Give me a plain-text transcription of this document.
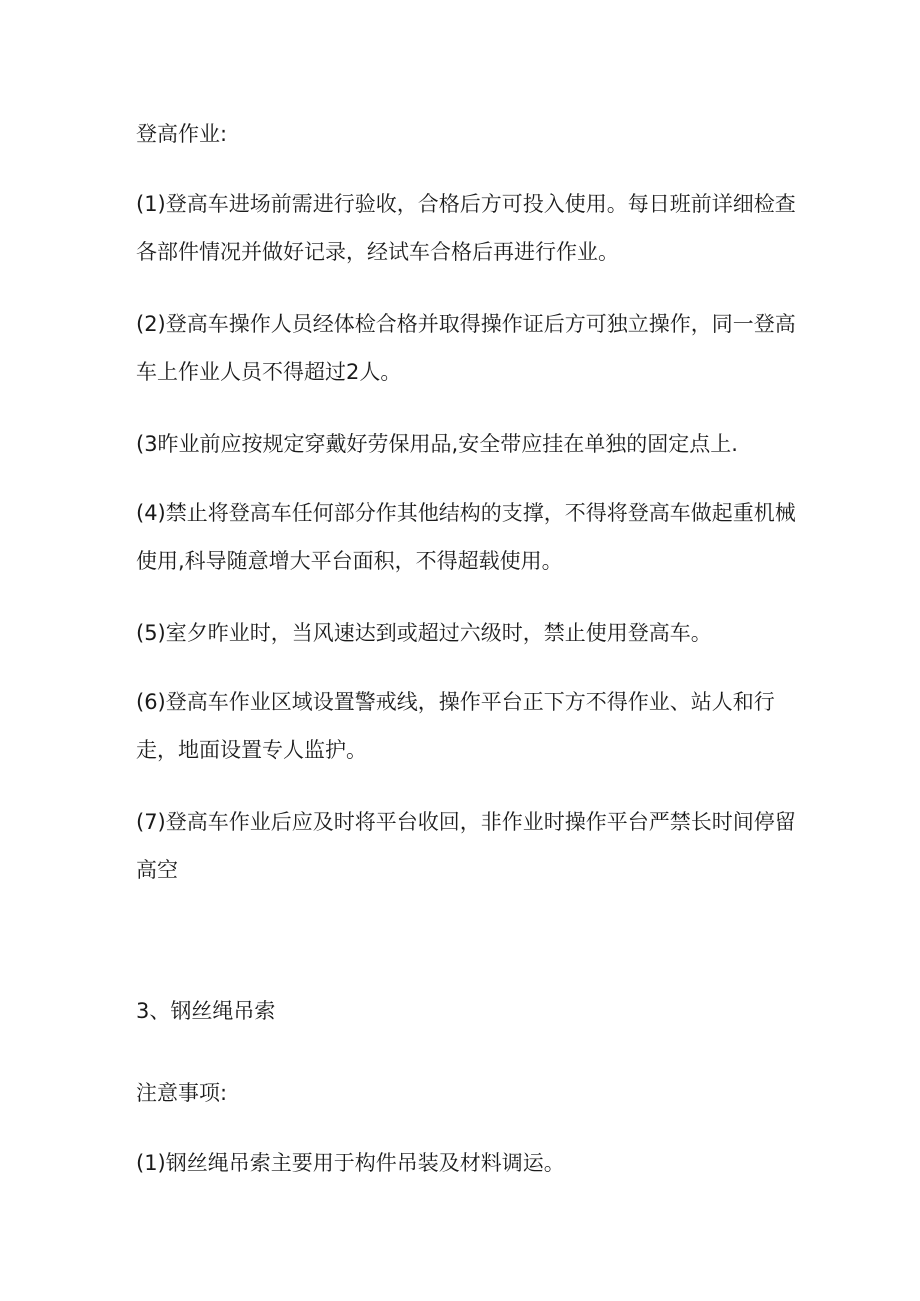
登高作业:
(1)登高车进场前需进行验收，合格后方可投入使用。每日班前详细检查
各部件情况并做好记录，经试车合格后再进行作业。
(2)登高车操作人员经体检合格并取得操作证后方可独立操作，同一登高
车上作业人员不得超过2人。
(3昨业前应按规定穿戴好劳保用品,安全带应挂在单独的固定点上.
(4)禁止将登高车任何部分作其他结构的支撑，不得将登高车做起重机械
使用,科导随意增大平台面积，不得超载使用。
(5)室夕昨业时，当风速达到或超过六级时，禁止使用登高车。
(6)登高车作业区域设置警戒线，操作平台正下方不得作业、站人和行
走，地面设置专人监护。
(7)登高车作业后应及时将平台收回，非作业时操作平台严禁长时间停留
高空
3、钢丝绳吊索
注意事项:
(1)钢丝绳吊索主要用于构件吊装及材料调运。
